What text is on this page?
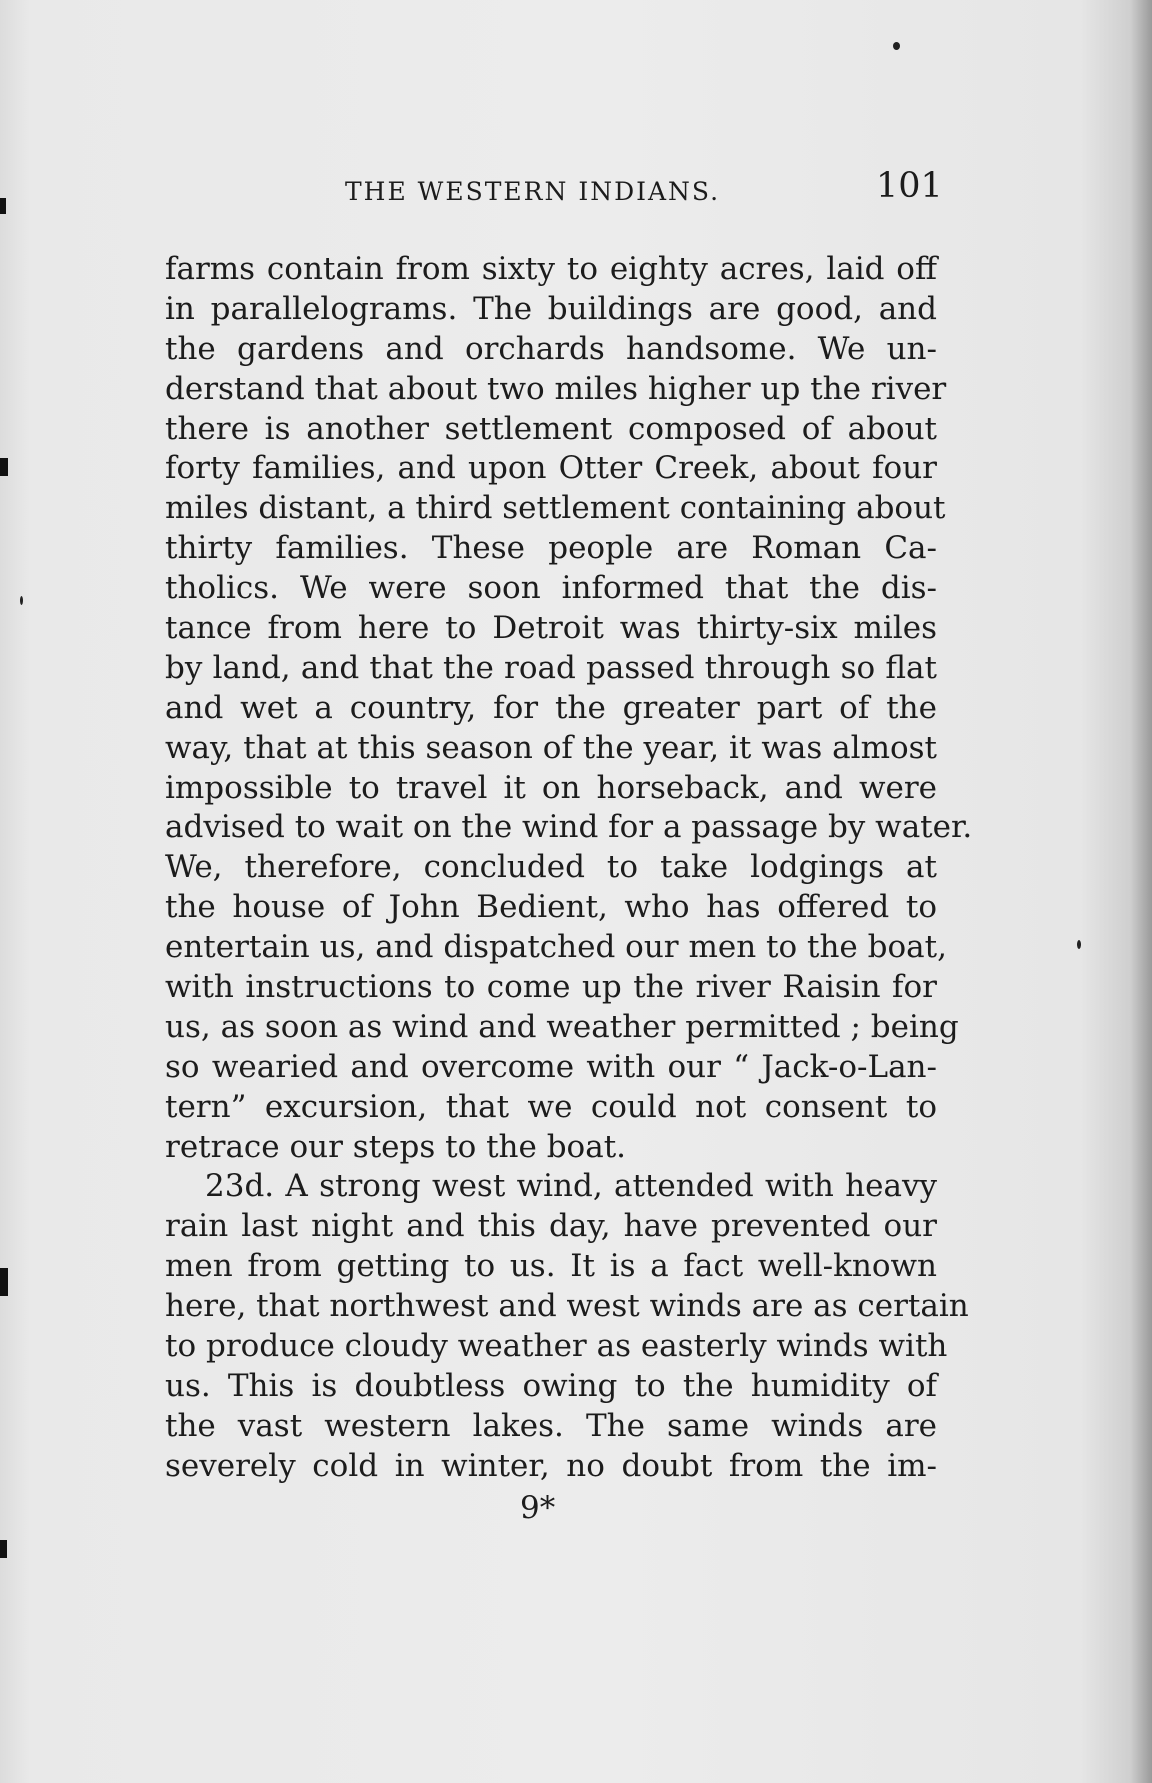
THE WESTERN INDIANS.	101
farms contain from sixty to eighty acres, laid off
in parallelograms. The buildings are good, and
the gardens and orchards handsome. We un-
derstand that about two miles higher up the river
there is another settlement composed of about
forty families, and upon Otter Creek, about four
miles distant, a third settlement containing about
thirty families. These people are Roman Ca-
tholics. We were soon informed that the dis-
tance from here to Detroit was thirty-six miles
by land, and that the road passed through so flat
and wet a country, for the greater part of the
way, that at this season of the year, it was almost
impossible to travel it on horseback, and were
advised to wait on the wind for a passage by water.
We, therefore, concluded to take lodgings at
the house of John Bedient, who has offered to
entertain us, and dispatched our men to the boat,
with instructions to come up the river Raisin for
us, as soon as wind and weather permitted ; being
so wearied and overcome with our “ Jack-o-Lan-
tern” excursion, that we could not consent to
retrace our steps to the boat.
23d. A strong west wind, attended with heavy
rain last night and this day, have prevented our
men from getting to us. It is a fact well-known
here, that northwest and west winds are as certain
to produce cloudy weather as easterly winds with
us. This is doubtless owing to the humidity of
the vast western lakes. The same winds are
severely cold in winter, no doubt from the im-
9*
